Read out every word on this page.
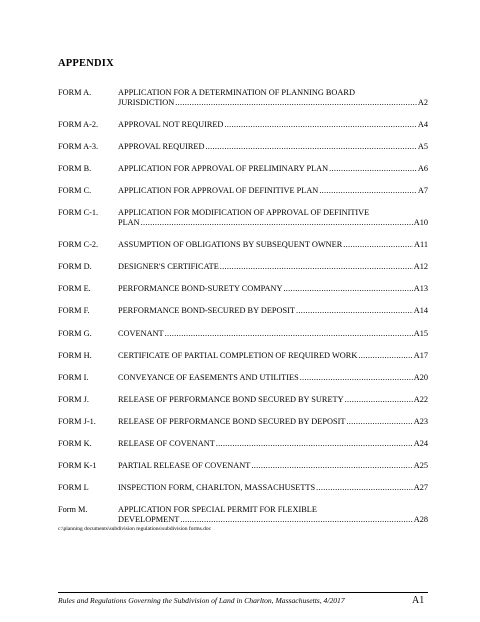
APPENDIX
FORM A.	APPLICATION FOR A DETERMINATION OF PLANNING BOARD
JURISDICTION .....	A2
FORM A-2.	APPROVAL NOT REQUIRED .....	A4
FORM A-3.	APPROVAL REQUIRED .....	A5
FORM B.	APPLICATION FOR APPROVAL OF PRELIMINARY PLAN .....	A6
FORM C.	APPLICATION FOR APPROVAL OF DEFINITIVE PLAN .....	A7
FORM C-1.	APPLICATION FOR MODIFICATION OF APPROVAL OF DEFINITIVE
PLAN .....	A10
FORM C-2.	ASSUMPTION OF OBLIGATIONS BY SUBSEQUENT OWNER .....	A11
FORM D.	DESIGNER'S CERTIFICATE .....	A12
FORM E.	PERFORMANCE BOND-SURETY COMPANY .....	A13
FORM F.	PERFORMANCE BOND-SECURED BY DEPOSIT .....	A14
FORM G.	COVENANT .....	A15
FORM H.	CERTIFICATE OF PARTIAL COMPLETION OF REQUIRED WORK .....	A17
FORM I.	CONVEYANCE OF EASEMENTS AND UTILITIES .....	A20
FORM J.	RELEASE OF PERFORMANCE BOND SECURED BY SURETY .....	A22
FORM J-1.	RELEASE OF PERFORMANCE BOND SECURED BY DEPOSIT .....	A23
FORM K.	RELEASE OF COVENANT .....	A24
FORM K-1	PARTIAL RELEASE OF COVENANT .....	A25
FORM L	INSPECTION FORM, CHARLTON, MASSACHUSETTS .....	A27
Form M.	APPLICATION FOR SPECIAL PERMIT FOR FLEXIBLE
DEVELOPMENT .....	A28
c:\planning documents\subdivision regulations\subdivision forms.doc
Rules and Regulations Governing the Subdivision of Land in Charlton, Massachusetts, 4/2017	A1
